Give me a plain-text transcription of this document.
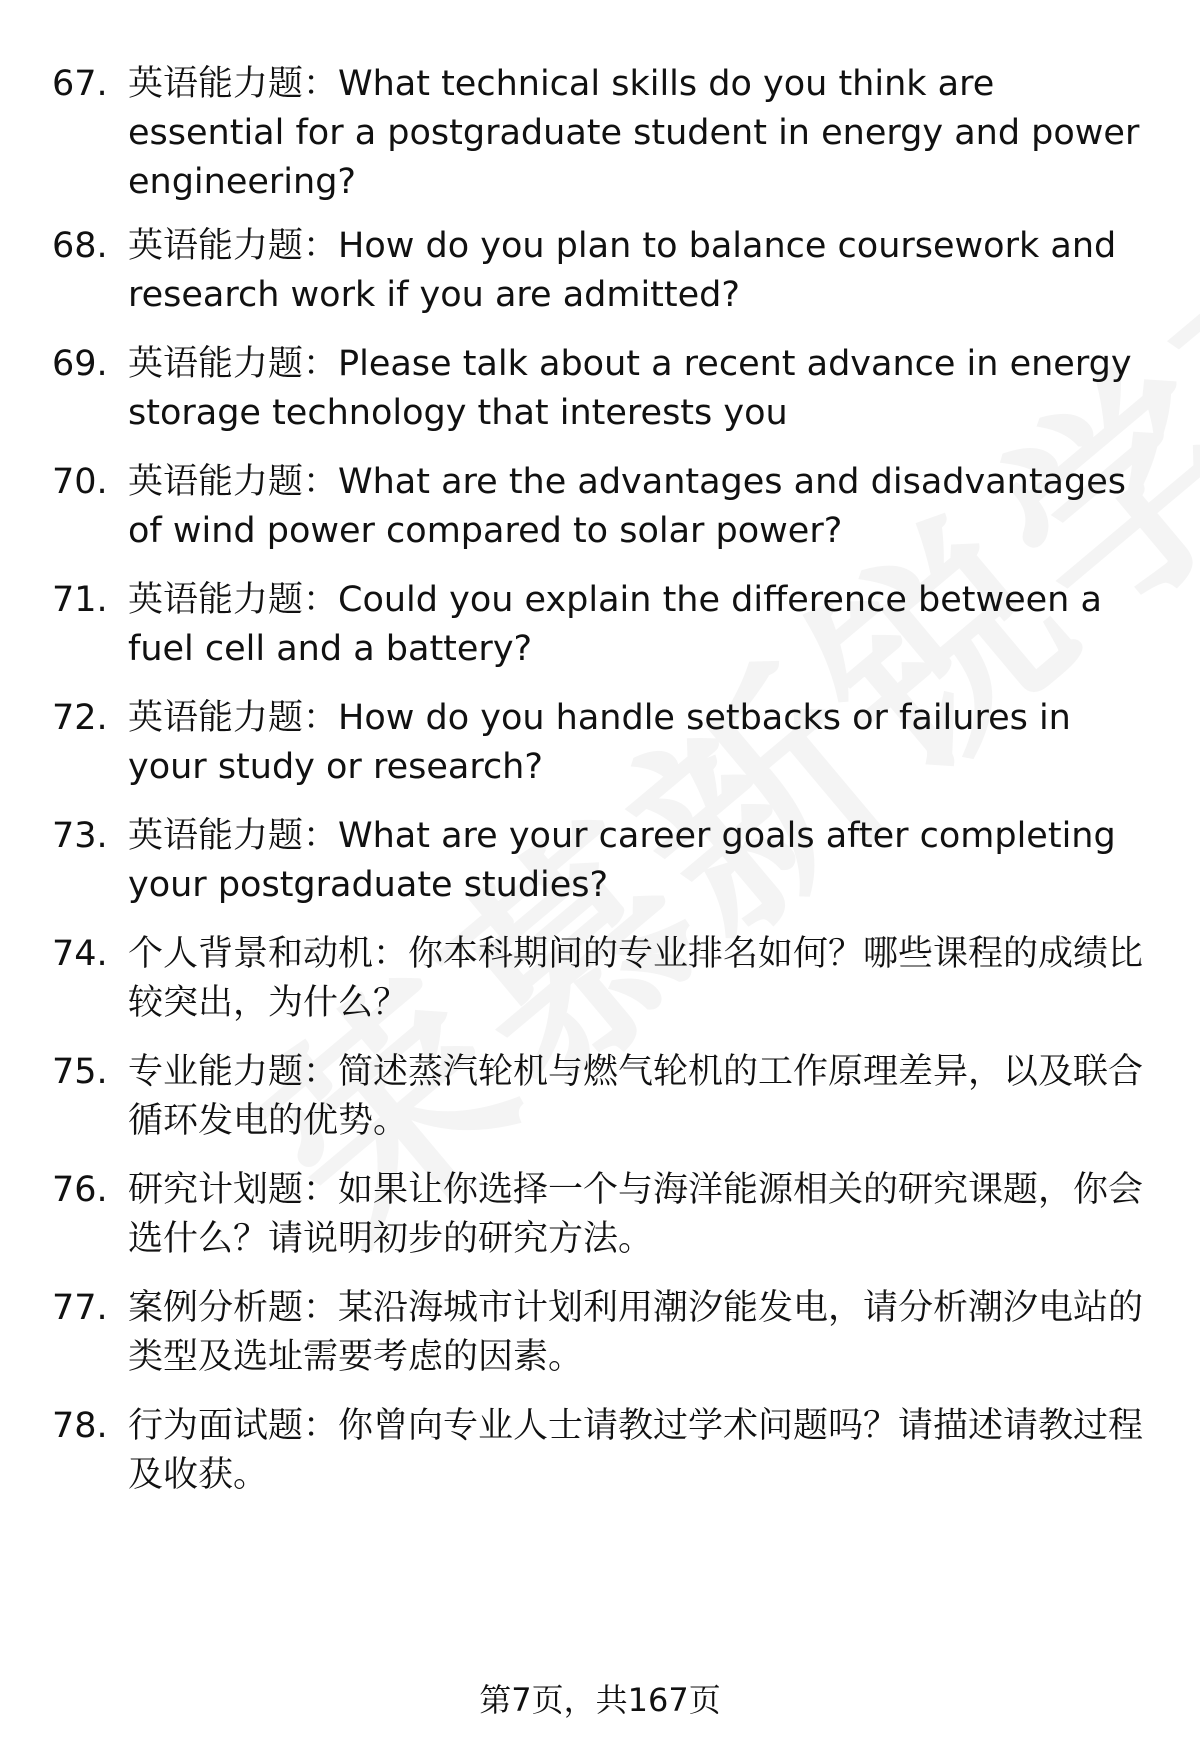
67. 英语能力题：What technical skills do you think are essential for a postgraduate student in energy and power engineering?
68. 英语能力题：How do you plan to balance coursework and research work if you are admitted?
69. 英语能力题：Please talk about a recent advance in energy storage technology that interests you
70. 英语能力题：What are the advantages and disadvantages of wind power compared to solar power?
71. 英语能力题：Could you explain the difference between a fuel cell and a battery?
72. 英语能力题：How do you handle setbacks or failures in your study or research?
73. 英语能力题：What are your career goals after completing your postgraduate studies?
74. 个人背景和动机：你本科期间的专业排名如何？哪些课程的成绩比较突出，为什么？
75. 专业能力题：简述蒸汽轮机与燃气轮机的工作原理差异，以及联合循环发电的优势。
76. 研究计划题：如果让你选择一个与海洋能源相关的研究课题，你会选什么？请说明初步的研究方法。
77. 案例分析题：某沿海城市计划利用潮汐能发电，请分析潮汐电站的类型及选址需要考虑的因素。
78. 行为面试题：你曾向专业人士请教过学术问题吗？请描述请教过程及收获。
第7页，共167页
